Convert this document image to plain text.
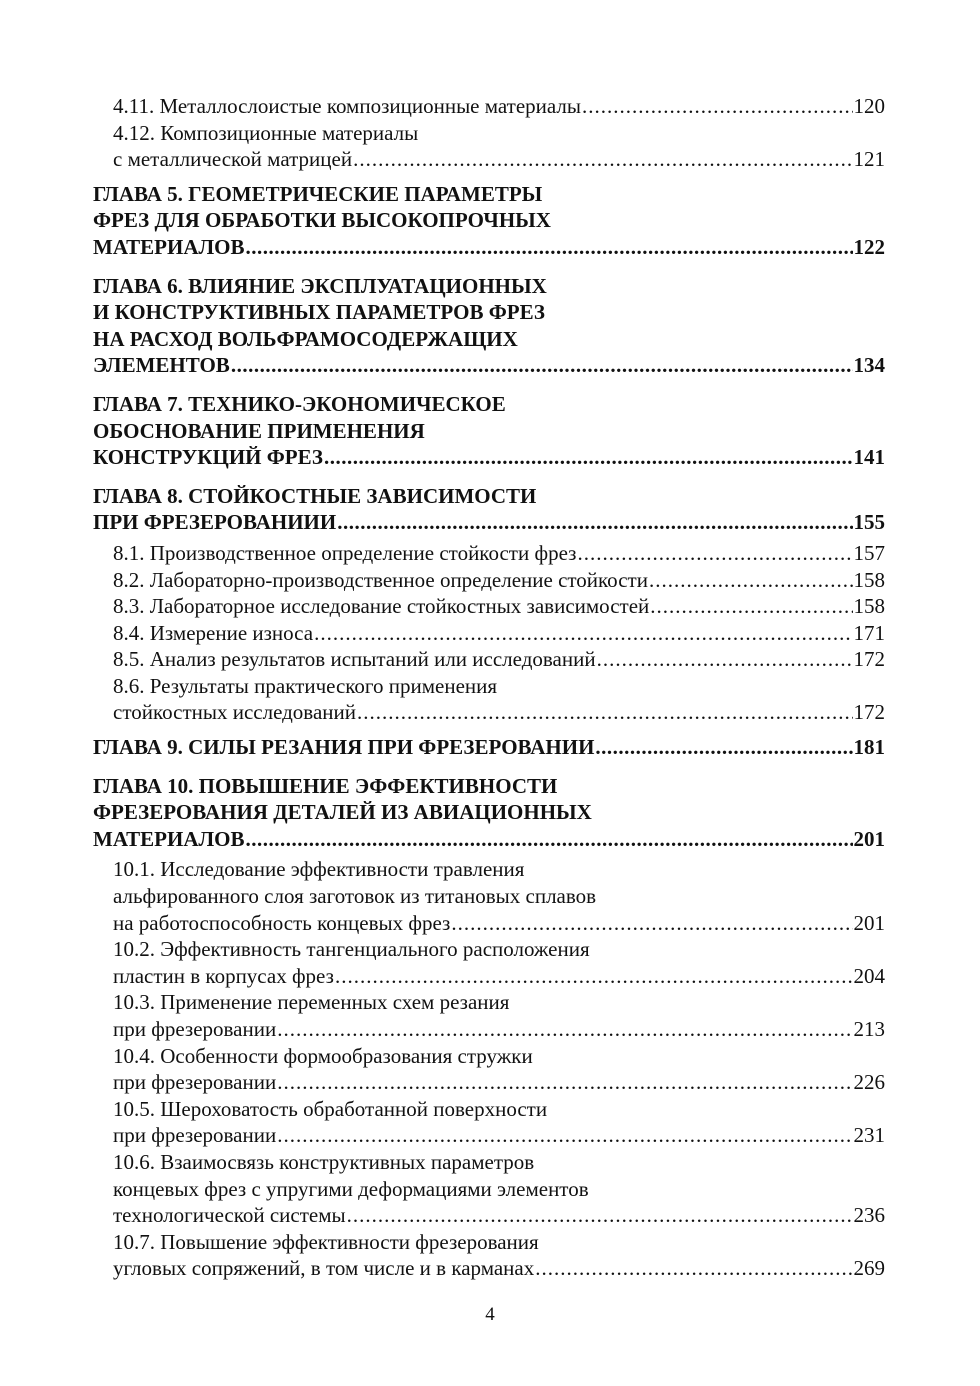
4.11. Металлослоистые композиционные материалы .....	120
4.12. Композиционные материалы
с металлической матрицей .....	121
ГЛАВА 5. ГЕОМЕТРИЧЕСКИЕ ПАРАМЕТРЫ
ФРЕЗ ДЛЯ ОБРАБОТКИ ВЫСОКОПРОЧНЫХ
МАТЕРИАЛОВ .....	122
ГЛАВА 6. ВЛИЯНИЕ ЭКСПЛУАТАЦИОННЫХ
И КОНСТРУКТИВНЫХ ПАРАМЕТРОВ ФРЕЗ
НА РАСХОД ВОЛЬФРАМОСОДЕРЖАЩИХ
ЭЛЕМЕНТОВ .....	134
ГЛАВА 7. ТЕХНИКО-ЭКОНОМИЧЕСКОЕ
ОБОСНОВАНИЕ ПРИМЕНЕНИЯ
КОНСТРУКЦИЙ ФРЕЗ .....	141
ГЛАВА 8. СТОЙКОСТНЫЕ ЗАВИСИМОСТИ
ПРИ ФРЕЗЕРОВАНИИИ .....	155
8.1. Производственное определение стойкости фрез .....	157
8.2. Лабораторно-производственное определение стойкости .....	158
8.3. Лабораторное исследование стойкостных зависимостей .....	158
8.4. Измерение износа .....	171
8.5. Анализ результатов испытаний или исследований .....	172
8.6. Результаты практического применения
стойкостных исследований .....	172
ГЛАВА 9. СИЛЫ РЕЗАНИЯ ПРИ ФРЕЗЕРОВАНИИ .....	181
ГЛАВА 10. ПОВЫШЕНИЕ ЭФФЕКТИВНОСТИ
ФРЕЗЕРОВАНИЯ ДЕТАЛЕЙ ИЗ АВИАЦИОННЫХ
МАТЕРИАЛОВ .....	201
10.1. Исследование эффективности травления
альфированного слоя заготовок из титановых сплавов
на работоспособность концевых фрез .....	201
10.2. Эффективность тангенциального расположения
пластин в корпусах фрез .....	204
10.3. Применение переменных схем резания
при фрезеровании .....	213
10.4. Особенности формообразования стружки
при фрезеровании .....	226
10.5. Шероховатость обработанной поверхности
при фрезеровании .....	231
10.6. Взаимосвязь конструктивных параметров
концевых фрез с упругими деформациями элементов
технологической системы .....	236
10.7. Повышение эффективности фрезерования
угловых сопряжений, в том числе и в карманах .....	269
4
